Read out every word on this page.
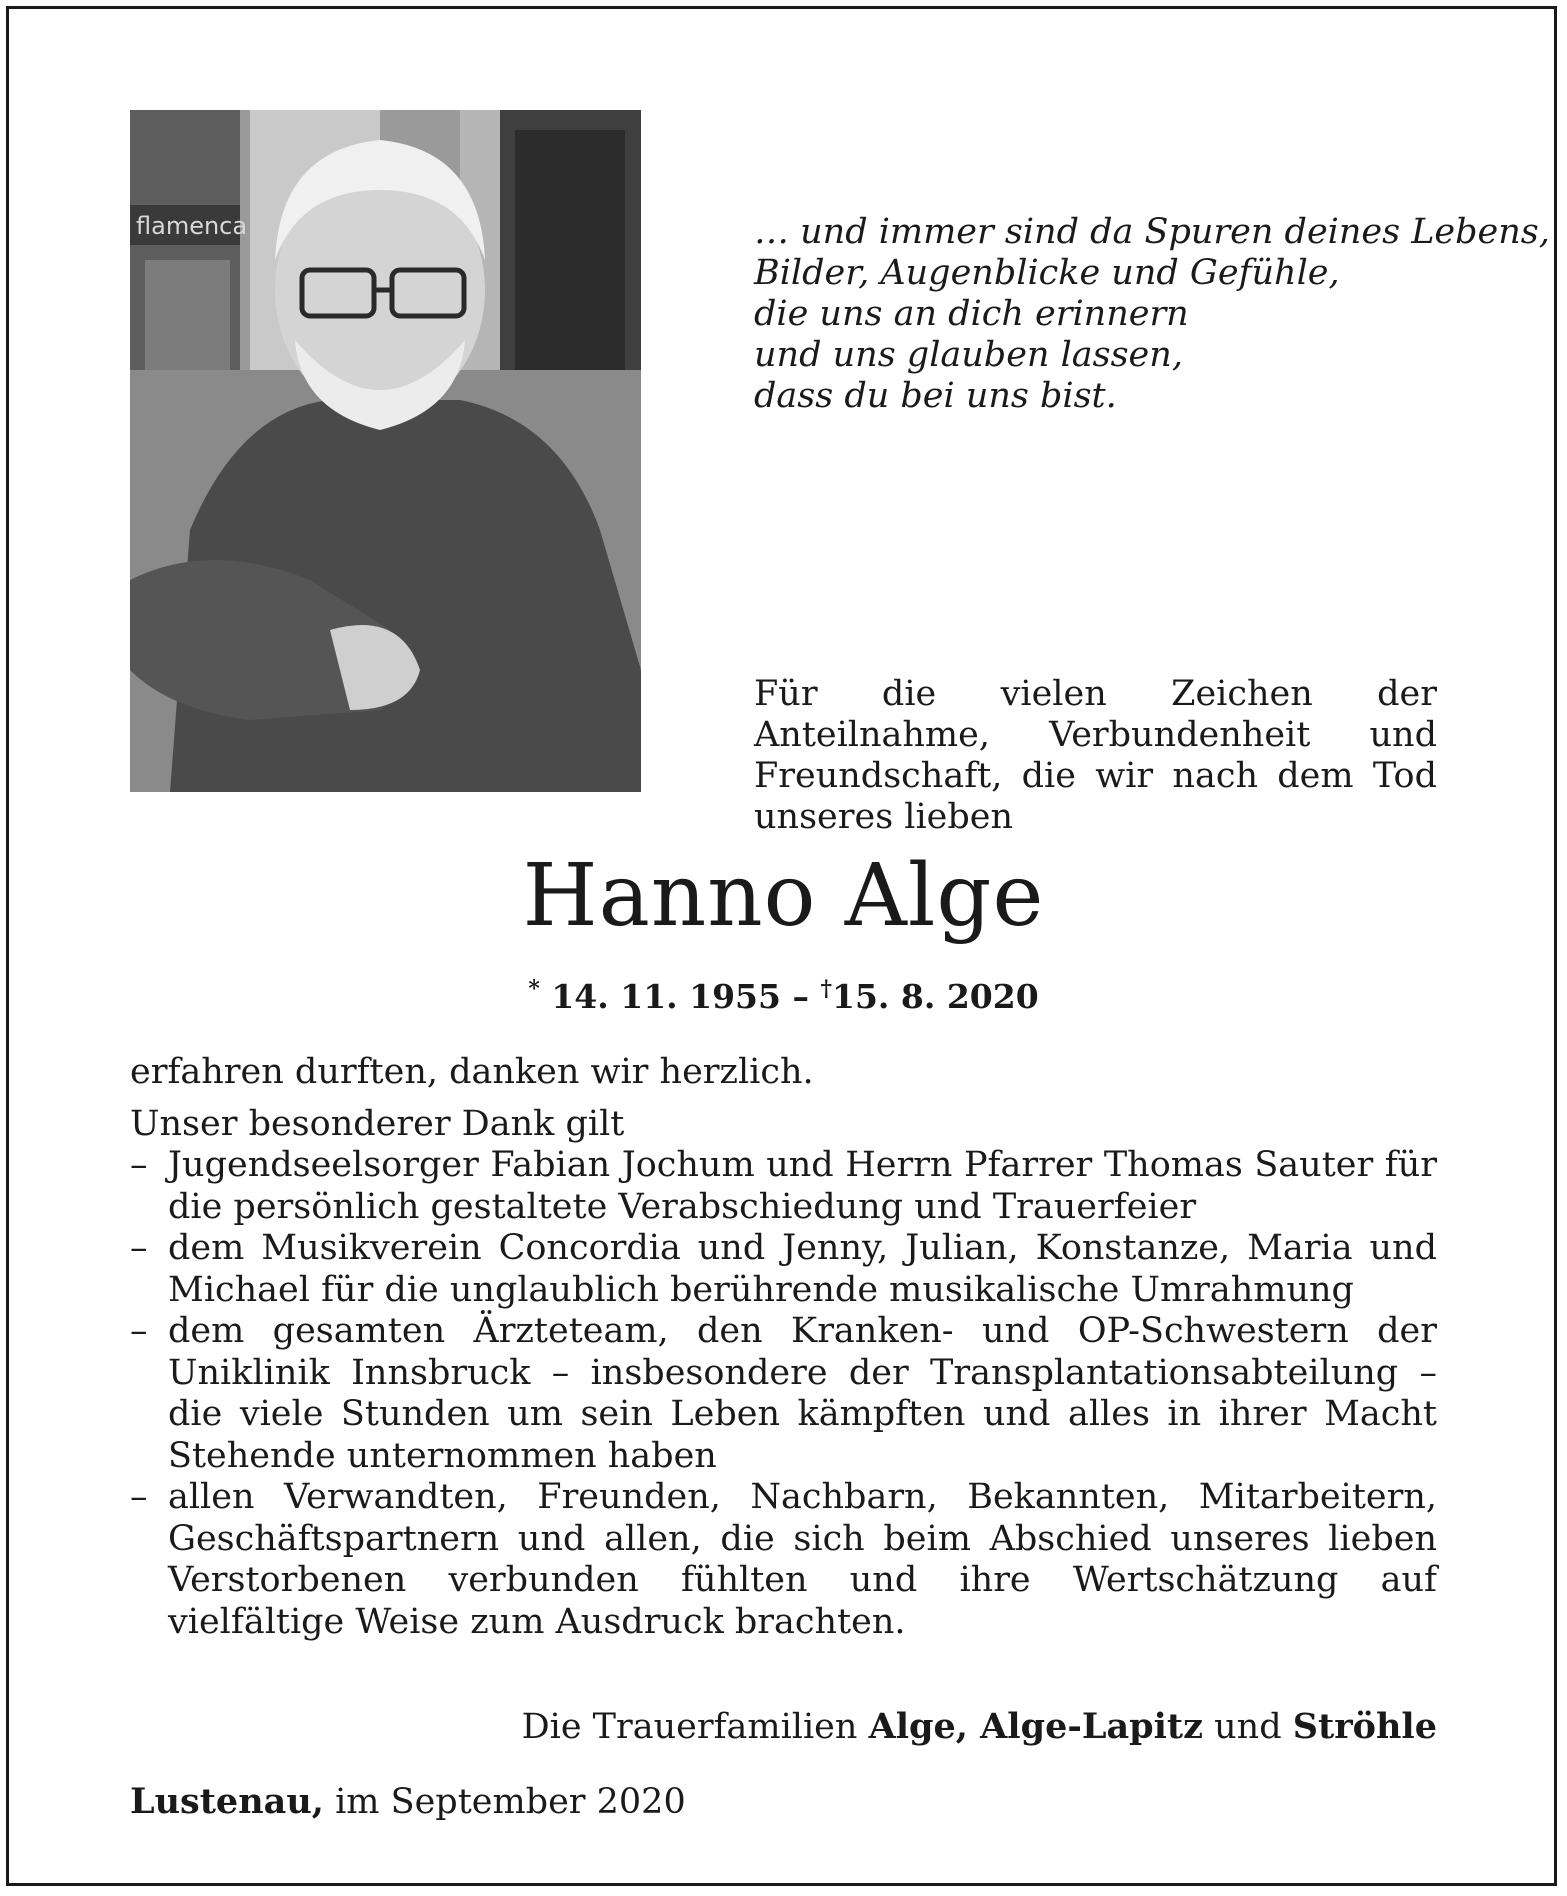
flamenca	… und immer sind da Spuren deines Lebens,
Bilder, Augenblicke und Gefühle,
die uns an dich erinnern
und uns glauben lassen,
dass du bei uns bist.
Für die vielen Zeichen der Anteilnahme, Verbundenheit und Freundschaft, die wir nach dem Tod unseres lieben
Hanno Alge
* 14. 11. 1955 – †15. 8. 2020
erfahren durften, danken wir herzlich.
Unser besonderer Dank gilt
– Jugendseelsorger Fabian Jochum und Herrn Pfarrer Thomas Sauter für die persönlich gestaltete Verabschiedung und Trauerfeier
– dem Musikverein Concordia und Jenny, Julian, Konstanze, Maria und Michael für die unglaublich berührende musikalische Umrahmung
– dem gesamten Ärzteteam, den Kranken- und OP-Schwestern der Uniklinik Innsbruck – insbesondere der Transplantationsabteilung – die viele Stunden um sein Leben kämpften und alles in ihrer Macht Stehende unternommen haben
– allen Verwandten, Freunden, Nachbarn, Bekannten, Mitarbeitern, Geschäftspartnern und allen, die sich beim Abschied unseres lieben Verstorbenen verbunden fühlten und ihre Wertschätzung auf vielfältige Weise zum Ausdruck brachten.
Die Trauerfamilien Alge, Alge-Lapitz und Ströhle
Lustenau, im September 2020
